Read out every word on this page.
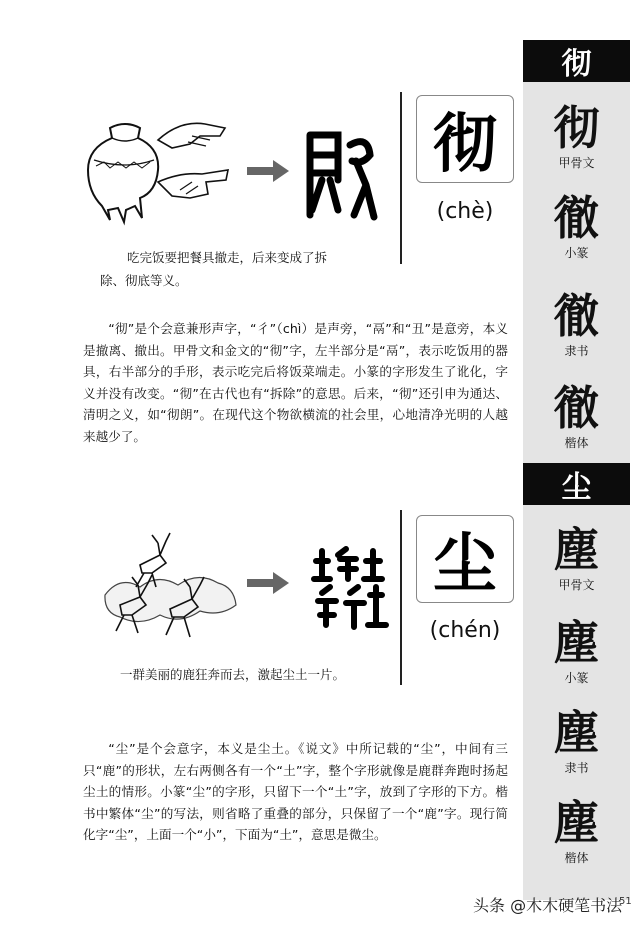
彻
彻
甲骨文
徹
小篆
徹
隶书
徹
楷体
尘
塵
甲骨文
塵
小篆
塵
隶书
塵
楷体
彻
(chè)
吃完饭要把餐具撤走，后来变成了拆
除、彻底等义。

“彻”是个会意兼形声字，“彳”（chì）是声旁，“鬲”和“丑”是意旁，本义是撤离、撤出。甲骨文和金文的“彻”字，左半部分是“鬲”，表示吃饭用的器具，右半部分的手形，表示吃完后将饭菜端走。小篆的字形发生了讹化，字义并没有改变。“彻”在古代也有“拆除”的意思。后来，“彻”还引申为通达、清明之义，如“彻朗”。在现代这个物欲横流的社会里，心地清净光明的人越来越少了。

尘
(chén)
一群美丽的鹿狂奔而去，激起尘土一片。

“尘”是个会意字，本义是尘土。《说文》中所记载的“尘”，中间有三只“鹿”的形状，左右两侧各有一个“土”字，整个字形就像是鹿群奔跑时扬起尘土的情形。小篆“尘”的字形，只留下一个“土”字，放到了字形的下方。楷书中繁体“尘”的写法，则省略了重叠的部分，只保留了一个“鹿”字。现行简化字“尘”，上面一个“小”，下面为“土”，意思是微尘。

头条 @木木硬笔书法
51
